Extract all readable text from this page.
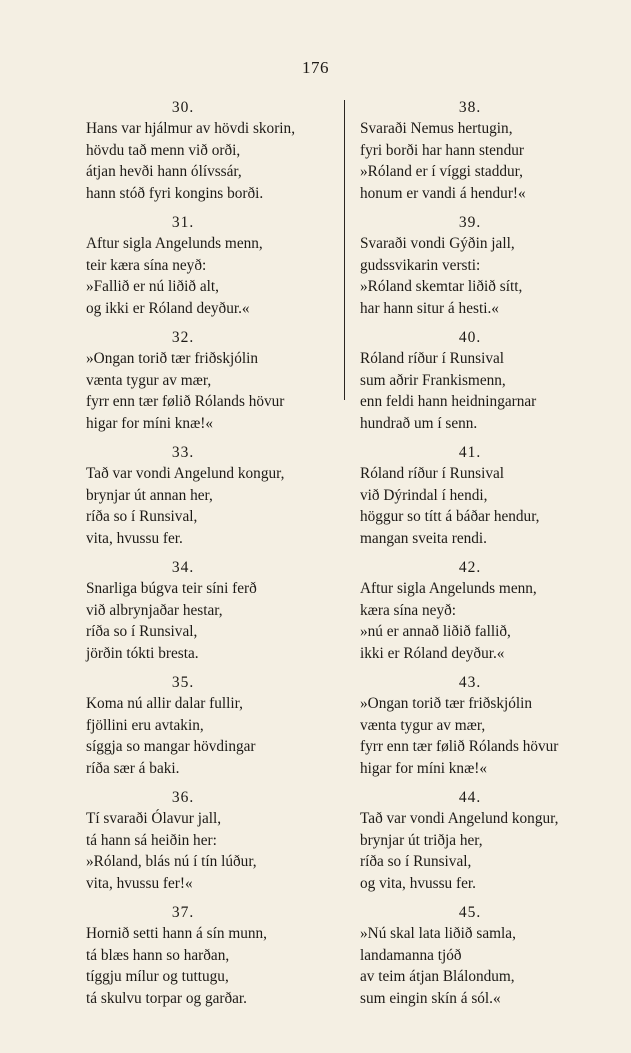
176
30.
Hans var hjálmur av hövdi skorin,
hövdu tað menn við orði,
átjan hevði hann ólívssár,
hann stóð fyri kongins borði.
31.
Aftur sigla Angelunds menn,
teir kæra sína neyð:
»Fallið er nú liðið alt,
og ikki er Róland deyður.«
32.
»Ongan torið tær friðskjólin
vænta tygur av mær,
fyrr enn tær følið Rólands hövur
higar for míni knæ!«
33.
Tað var vondi Angelund kongur,
brynjar út annan her,
ríða so í Runsival,
vita, hvussu fer.
34.
Snarliga búgva teir síni ferð
við albrynjaðar hestar,
ríða so í Runsival,
jörðin tókti bresta.
35.
Koma nú allir dalar fullir,
fjöllini eru avtakin,
síggja so mangar hövdingar
ríða sær á baki.
36.
Tí svaraði Ólavur jall,
tá hann sá heiðin her:
»Róland, blás nú í tín lúður,
vita, hvussu fer!«
37.
Hornið setti hann á sín munn,
tá blæs hann so harðan,
tíggju mílur og tuttugu,
tá skulvu torpar og garðar.
38.
Svaraði Nemus hertugin,
fyri borði har hann stendur
»Róland er í víggi staddur,
honum er vandi á hendur!«
39.
Svaraði vondi Gýðin jall,
gudssvikarin versti:
»Róland skemtar liðið sítt,
har hann situr á hesti.«
40.
Róland ríður í Runsival
sum aðrir Frankismenn,
enn feldi hann heidningarnar
hundrað um í senn.
41.
Róland ríður í Runsival
við Dýrindal í hendi,
höggur so títt á báðar hendur,
mangan sveita rendi.
42.
Aftur sigla Angelunds menn,
kæra sína neyð:
»nú er annað liðið fallið,
ikki er Róland deyður.«
43.
»Ongan torið tær friðskjólin
vænta tygur av mær,
fyrr enn tær følið Rólands hövur
higar for míni knæ!«
44.
Tað var vondi Angelund kongur,
brynjar út triðja her,
ríða so í Runsival,
og vita, hvussu fer.
45.
»Nú skal lata liðið samla,
landamanna tjóð
av teim átjan Blálondum,
sum eingin skín á sól.«
